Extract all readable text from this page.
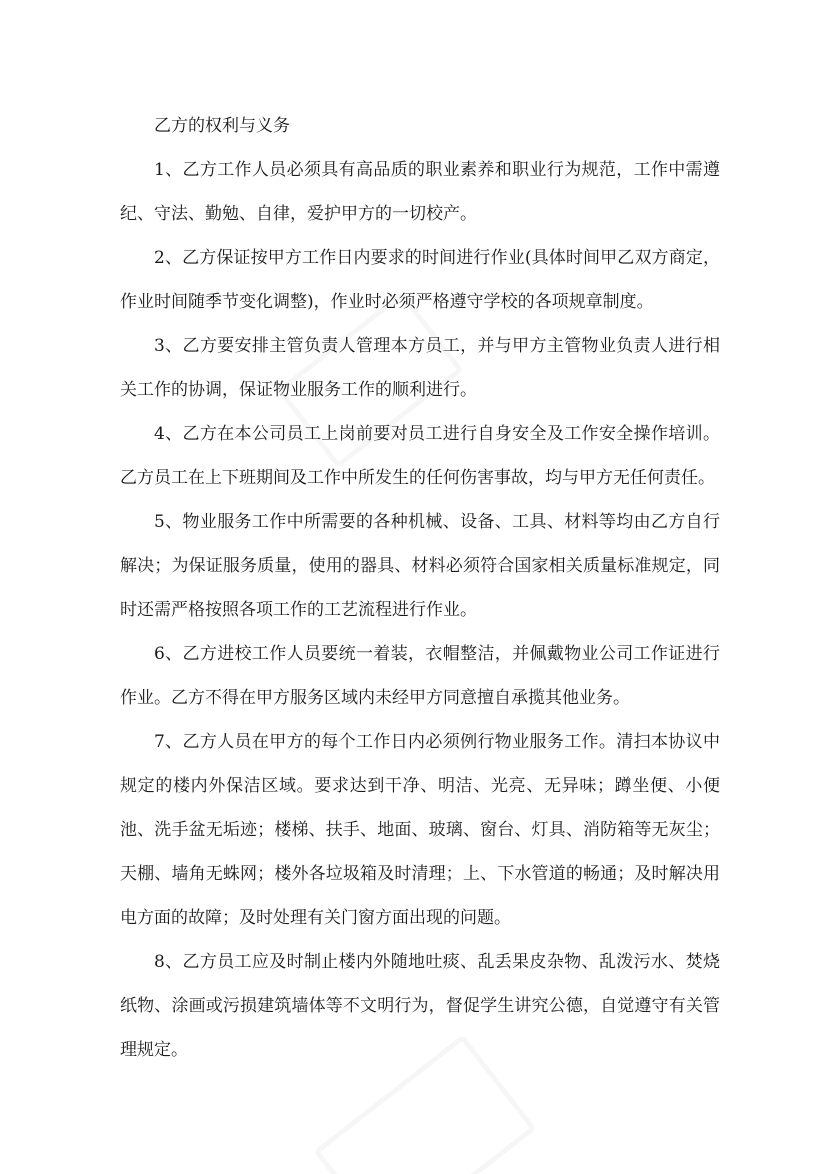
乙方的权利与义务

1、乙方工作人员必须具有高品质的职业素养和职业行为规范，工作中需遵纪、守法、勤勉、自律，爱护甲方的一切校产。

2、乙方保证按甲方工作日内要求的时间进行作业(具体时间甲乙双方商定，作业时间随季节变化调整)，作业时必须严格遵守学校的各项规章制度。

3、乙方要安排主管负责人管理本方员工，并与甲方主管物业负责人进行相关工作的协调，保证物业服务工作的顺利进行。

4、乙方在本公司员工上岗前要对员工进行自身安全及工作安全操作培训。乙方员工在上下班期间及工作中所发生的任何伤害事故，均与甲方无任何责任。

5、物业服务工作中所需要的各种机械、设备、工具、材料等均由乙方自行解决；为保证服务质量，使用的器具、材料必须符合国家相关质量标准规定，同时还需严格按照各项工作的工艺流程进行作业。

6、乙方进校工作人员要统一着装，衣帽整洁，并佩戴物业公司工作证进行作业。乙方不得在甲方服务区域内未经甲方同意擅自承揽其他业务。

7、乙方人员在甲方的每个工作日内必须例行物业服务工作。清扫本协议中规定的楼内外保洁区域。要求达到干净、明洁、光亮、无异味；蹲坐便、小便池、洗手盆无垢迹；楼梯、扶手、地面、玻璃、窗台、灯具、消防箱等无灰尘；天棚、墙角无蛛网；楼外各垃圾箱及时清理；上、下水管道的畅通；及时解决用电方面的故障；及时处理有关门窗方面出现的问题。

8、乙方员工应及时制止楼内外随地吐痰、乱丢果皮杂物、乱泼污水、焚烧纸物、涂画或污损建筑墙体等不文明行为，督促学生讲究公德，自觉遵守有关管理规定。
